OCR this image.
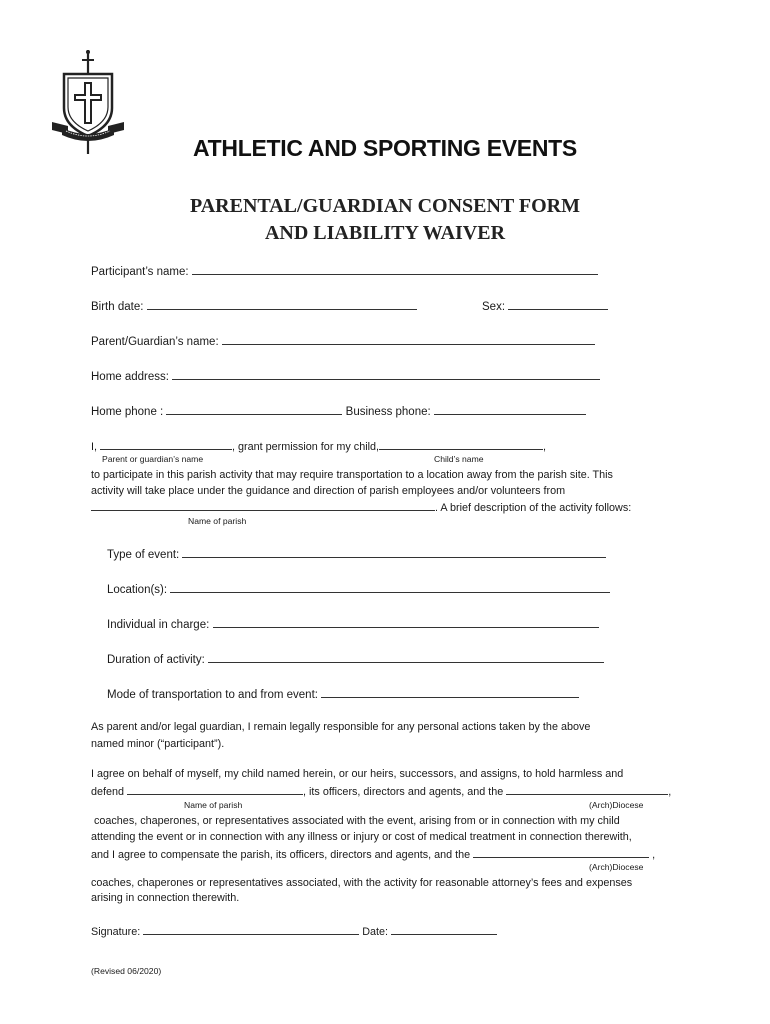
ATHLETIC AND SPORTING EVENTS
PARENTAL/GUARDIAN CONSENT FORM
AND LIABILITY WAIVER
Participant’s name:
Birth date:	Sex:
Parent/Guardian’s name:
Home address:
Home phone :	Business phone:
I,	, grant permission for my child,	,
Parent or guardian’s name	Child’s name
to participate in this parish activity that may require transportation to a location away from the parish site. This
activity will take place under the guidance and direction of parish employees and/or volunteers from
. A brief description of the activity follows:
Name of parish
Type of event:
Location(s):
Individual in charge:
Duration of activity:
Mode of transportation to and from event:
As parent and/or legal guardian, I remain legally responsible for any personal actions taken by the above
named minor (“participant”).
I agree on behalf of myself, my child named herein, or our heirs, successors, and assigns, to hold harmless and
defend	, its officers, directors and agents, and the	,
Name of parish	(Arch)Diocese
coaches, chaperones, or representatives associated with the event, arising from or in connection with my child
attending the event or in connection with any illness or injury or cost of medical treatment in connection therewith,
and I agree to compensate the parish, its officers, directors and agents, and the	,
(Arch)Diocese
coaches, chaperones or representatives associated, with the activity for reasonable attorney’s fees and expenses
arising in connection therewith.
Signature:	Date:
(Revised 06/2020)
